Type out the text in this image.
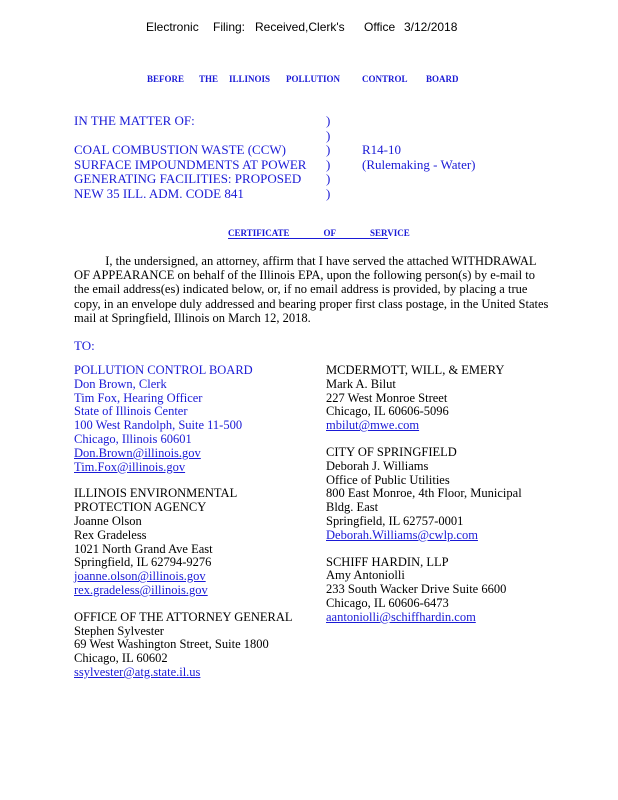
Electronic Filing: Received,Clerk's Office 3/12/2018
BEFORE THE ILLINOIS POLLUTION CONTROL BOARD
IN THE MATTER OF:

COAL COMBUSTION WASTE (CCW)
SURFACE IMPOUNDMENTS AT POWER
GENERATING FACILITIES: PROPOSED
NEW 35 ILL. ADM. CODE 841
)
)
)
)
)
)
R14-10
(Rulemaking - Water)
CERTIFICATE	OF	SERVICE

I, the undersigned, an attorney, affirm that I have served the attached WITHDRAWAL

OF APPEARANCE on behalf of the Illinois EPA, upon the following person(s) by e-mail to

the email address(es) indicated below, or, if no email address is provided, by placing a true

copy, in an envelope duly addressed and bearing proper first class postage, in the United States

mail at Springfield, Illinois on March 12, 2018.

TO:
POLLUTION CONTROL BOARD
Don Brown, Clerk
Tim Fox, Hearing Officer
State of Illinois Center
100 West Randolph, Suite 11-500
Chicago, Illinois 60601
Don.Brown@illinois.gov
Tim.Fox@illinois.gov
ILLINOIS ENVIRONMENTAL
PROTECTION AGENCY
Joanne Olson
Rex Gradeless
1021 North Grand Ave East
Springfield, IL 62794-9276
joanne.olson@illinois.gov
rex.gradeless@illinois.gov
OFFICE OF THE ATTORNEY GENERAL
Stephen Sylvester
69 West Washington Street, Suite 1800
Chicago, IL 60602
ssylvester@atg.state.il.us
MCDERMOTT, WILL, & EMERY
Mark A. Bilut
227 West Monroe Street
Chicago, IL 60606-5096
mbilut@mwe.com
CITY OF SPRINGFIELD
Deborah J. Williams
Office of Public Utilities
800 East Monroe, 4th Floor, Municipal
Bldg. East
Springfield, IL 62757-0001
Deborah.Williams@cwlp.com
SCHIFF HARDIN, LLP
Amy Antoniolli
233 South Wacker Drive Suite 6600
Chicago, IL 60606-6473
aantoniolli@schiffhardin.com
